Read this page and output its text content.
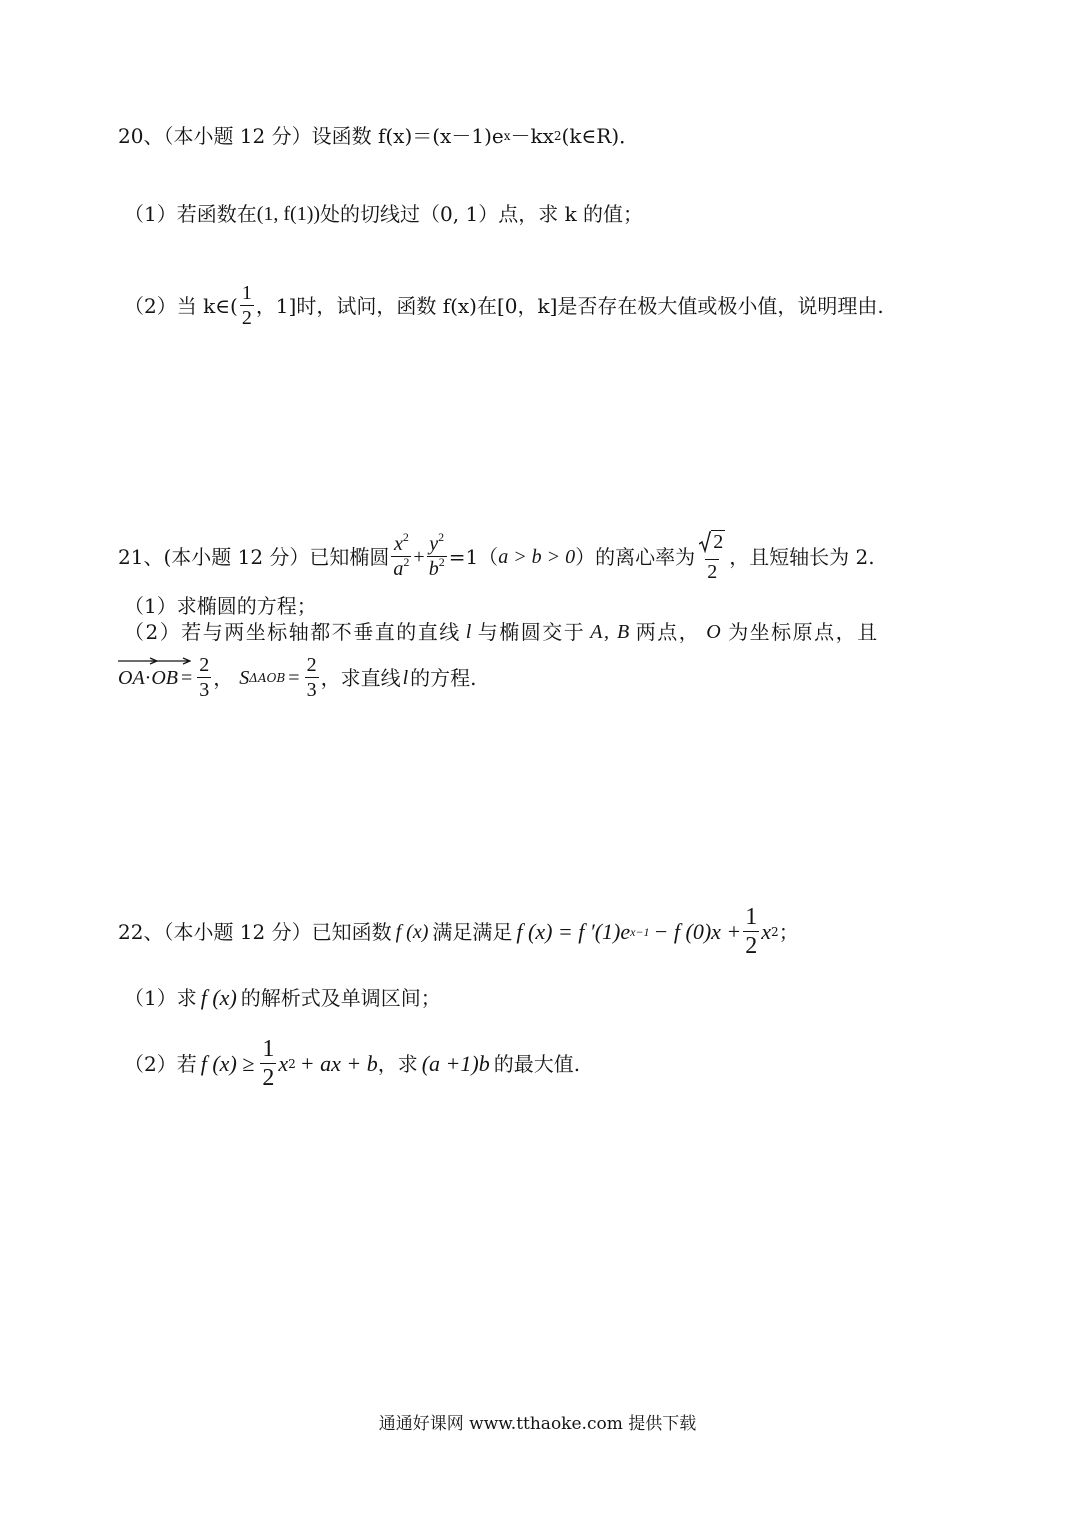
20、（本小题 12 分）设函数 f(x)＝(x－1)e x －kx 2 (k∈R)．
（1）若函数在 (1, f(1)) 处的切线过（0, 1）点，求 k 的值；
（2）当 k∈( $\frac{1}{2}$ ，1]时，试问，函数 f(x)在[0，k]是否存在极大值或极小值，说明理由.
21、(本小题 12 分）已知椭圆 $\frac{x^2}{a^2} + \frac{y^2}{b^2} =1$（ a > b > 0 ）的离心率为 $\frac{2}{2}$ ，且短轴长为 2.
（1）求椭圆的方程；
（2）若与两坐标轴都不垂直的直线 l 与椭圆交于 A, B 两点， O 为坐标原点，且
OA · OB = $\frac{2}{3}$ ， S $\Delta AOB = \frac{2}{3}$ ，求直线 l 的方程.
22、（本小题 12 分）已知函数 f (x) 满足满足 f (x) = f ′(1)e x−1 − f $(0)x + \frac{1}{2}$ x 2 ；
（1）求 f (x) 的解析式及单调区间；
（2）若 f $(x) \ge \frac{1}{2}$ x 2 + ax + b ，求 (a +1)b 的最大值.
通通好课网 www.tthaoke.com 提供下载
